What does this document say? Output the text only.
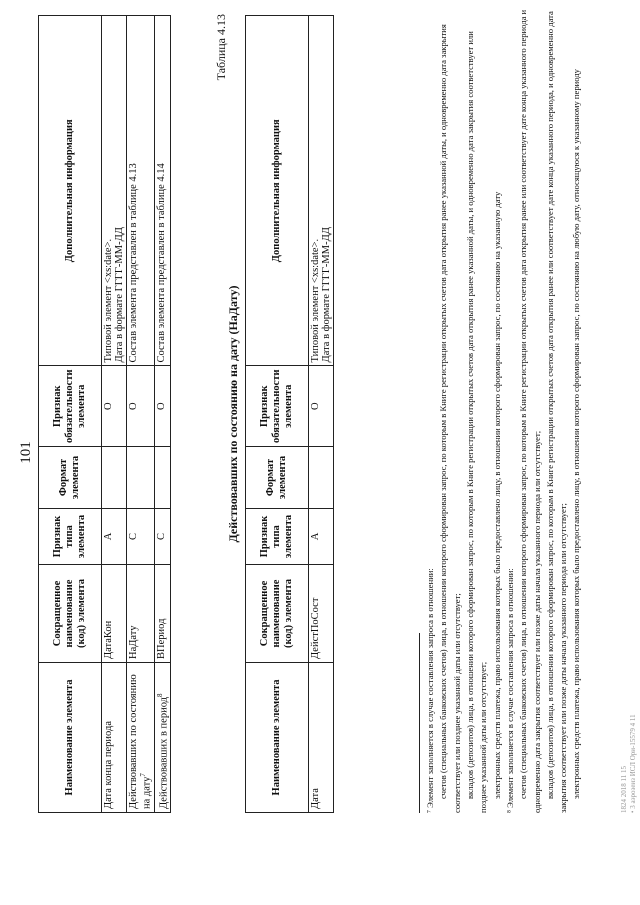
101
Наименование элемента	Сокращенное наименование (код) элемента	Признак типа элемента	Формат элемента	Признак обязательности элемента	Дополнительная информация
Дата конца периода	ДатаКон	А		О	Типовой элемент <xs:date>. Дата в формате ГГГГ-ММ-ДД

Действовавших по состоянию на дату$^7$	НаДату	С		О	Состав элемента представлен в таблице 4.13

Действовавших в период$^8$	ВПериод	С		О	Состав элемента представлен в таблице 4.14
Таблица 4.13
Действовавших по состоянию на дату (НаДату)
Наименование элемента	Сокращенное наименование (код) элемента	Признак типа элемента	Формат элемента	Признак обязательности элемента	Дополнительная информация
Дата	ДейстПоСост	А		О	Типовой элемент <xs:date>. Дата в формате ГГГГ-ММ-ДД

⁷ Элемент заполняется в случае составления запроса в отношении: счетов (специальных банковских счетов) лица, в отношении которого сформирован запрос, по которым в Книге регистрации открытых счетов дата открытия ранее указанной даты, и одновременно дата закрытия соответствует или позднее указанной даты или отсутствует; вкладов (депозитов) лица, в отношении которого сформирован запрос, по которым в Книге регистрации открытых счетов дата открытия ранее указанной даты, и одновременно дата закрытия соответствует или позднее указанной даты или отсутствует; электронных средств платежа, право использования которых было предоставлено лицу, в отношении которого сформирован запрос, по состоянию на указанную дату ⁸ Элемент заполняется в случае составления запроса в отношении: счетов (специальных банковских счетов) лица, в отношении которого сформирован запрос, по которым в Книге регистрации открытых счетов дата открытия ранее или соответствует дате конца указанного периода и одновременно дата закрытия соответствует или позже даты начала указанного периода или отсутствует; вкладов (депозитов) лица, в отношении которого сформирован запрос, по которым в Книге регистрации открытых счетов дата открытия ранее или соответствует дате конца указанного периода, и одновременно дата закрытия соответствует или позже даты начала указанного периода или отсутствует; электронных средств платежа, право использования которых было предоставлено лицу, в отношении которого сформирован запрос, по состоянию на любую дату, относящуюся к указанному периоду	1824 2018 11 15 • 3 аэрозеиз ИСЛ Ори-15579 4 11
